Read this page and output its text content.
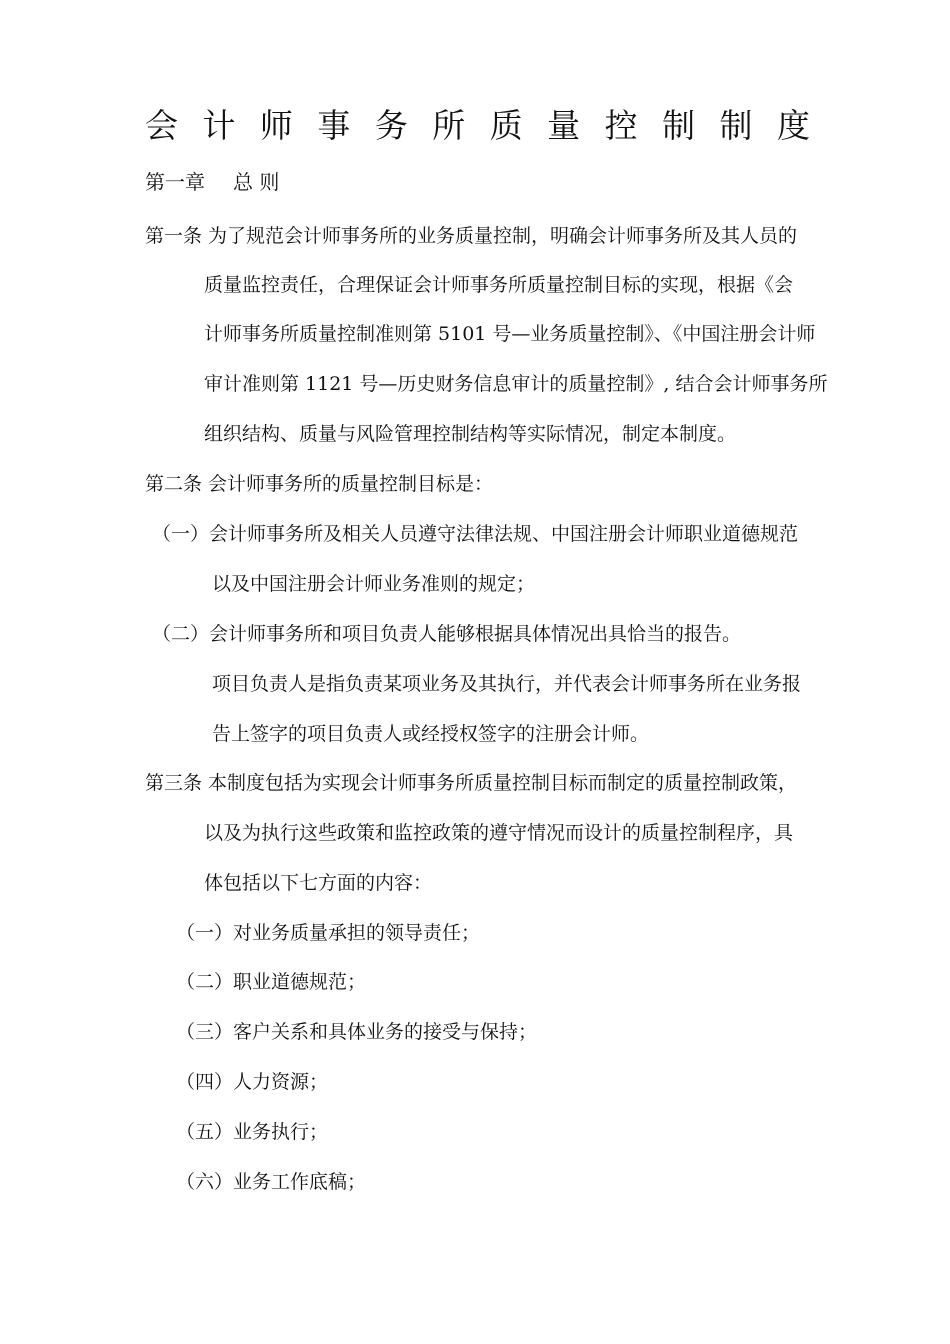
会 计 师 事 务 所 质 量 控 制 制 度
第一章 总 则

第一条 为了规范会计师事务所的业务质量控制，明确会计师事务所及其人员的

质量监控责任，合理保证会计师事务所质量控制目标的实现，根据《会

计师事务所质量控制准则第 5101 号—业务质量控制》、《中国注册会计师

审计准则第 1121 号—历史财务信息审计的质量控制》, 结合会计师事务所

组织结构、质量与风险管理控制结构等实际情况，制定本制度。

第二条 会计师事务所的质量控制目标是：

（一）会计师事务所及相关人员遵守法律法规、中国注册会计师职业道德规范

以及中国注册会计师业务准则的规定；

（二）会计师事务所和项目负责人能够根据具体情况出具恰当的报告。

项目负责人是指负责某项业务及其执行，并代表会计师事务所在业务报

告上签字的项目负责人或经授权签字的注册会计师。

第三条 本制度包括为实现会计师事务所质量控制目标而制定的质量控制政策，

以及为执行这些政策和监控政策的遵守情况而设计的质量控制程序，具

体包括以下七方面的内容：

（一）对业务质量承担的领导责任；

（二）职业道德规范；

（三）客户关系和具体业务的接受与保持；

（四）人力资源；

（五）业务执行；

（六）业务工作底稿；
